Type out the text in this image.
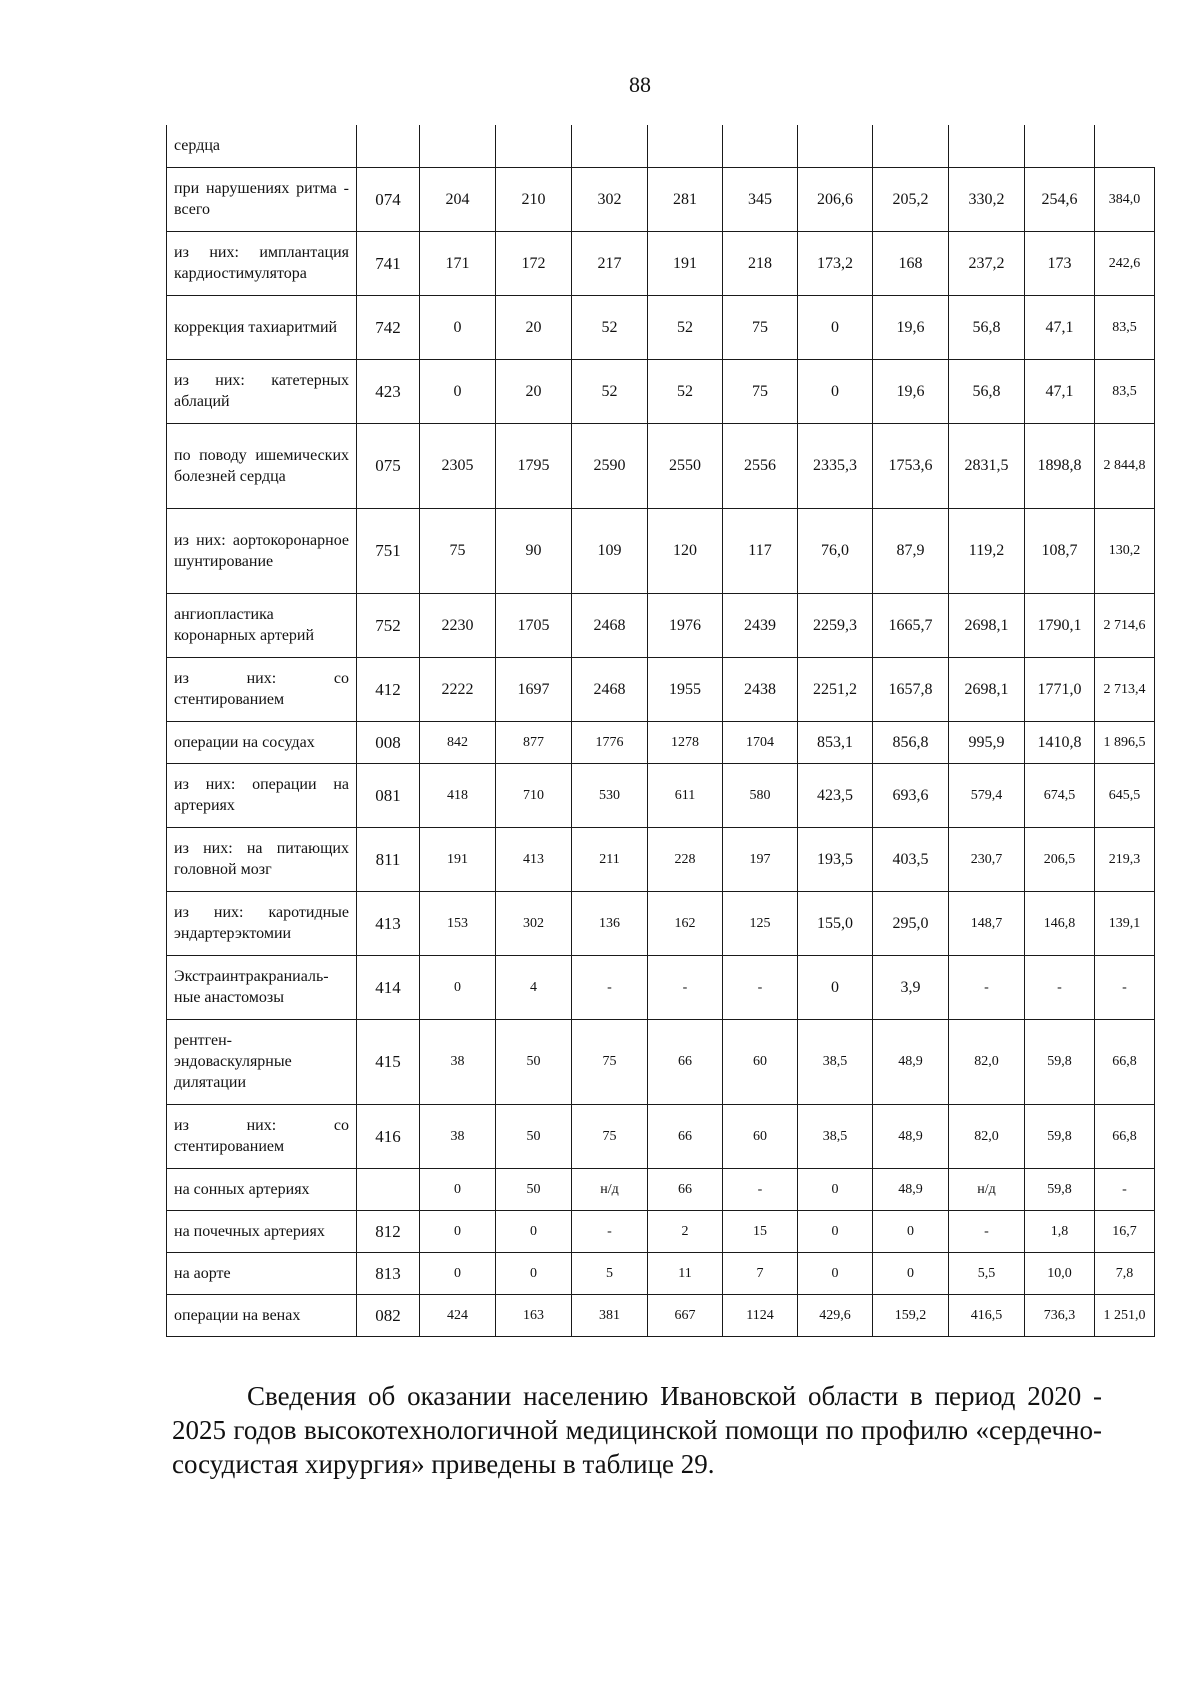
88
сердца											
при нарушениях ритма - всего	074	204	210	302	281	345	206,6	205,2	330,2	254,6	384,0
из них: имплантация кардиостимулятора	741	171	172	217	191	218	173,2	168	237,2	173	242,6
коррекция тахиаритмий	742	0	20	52	52	75	0	19,6	56,8	47,1	83,5
из них: катетерных аблаций	423	0	20	52	52	75	0	19,6	56,8	47,1	83,5
по поводу ишемических болезней сердца	075	2305	1795	2590	2550	2556	2335,3	1753,6	2831,5	1898,8	2 844,8
из них: аортокоронарное шунтирование	751	75	90	109	120	117	76,0	87,9	119,2	108,7	130,2
ангиопластика коронарных артерий	752	2230	1705	2468	1976	2439	2259,3	1665,7	2698,1	1790,1	2 714,6
из них: со стентированием	412	2222	1697	2468	1955	2438	2251,2	1657,8	2698,1	1771,0	2 713,4
операции на сосудах	008	842	877	1776	1278	1704	853,1	856,8	995,9	1410,8	1 896,5
из них: операции на артериях	081	418	710	530	611	580	423,5	693,6	579,4	674,5	645,5
из них: на питающих головной мозг	811	191	413	211	228	197	193,5	403,5	230,7	206,5	219,3
из них: каротидные эндартерэктомии	413	153	302	136	162	125	155,0	295,0	148,7	146,8	139,1
Экстраинтракраниаль-ные анастомозы	414	0	4	-	-	-	0	3,9	-	-	-
рентген-эндоваскулярные дилятации	415	38	50	75	66	60	38,5	48,9	82,0	59,8	66,8
из них: со стентированием	416	38	50	75	66	60	38,5	48,9	82,0	59,8	66,8
на сонных артериях		0	50	н/д	66	-	0	48,9	н/д	59,8	-
на почечных артериях	812	0	0	-	2	15	0	0	-	1,8	16,7
на аорте	813	0	0	5	11	7	0	0	5,5	10,0	7,8
операции на венах	082	424	163	381	667	1124	429,6	159,2	416,5	736,3	1 251,0

Сведения об оказании населению Ивановской области в период 2020 - 2025 годов высокотехнологичной медицинской помощи по профилю «сердечно-сосудистая хирургия» приведены в таблице 29.
